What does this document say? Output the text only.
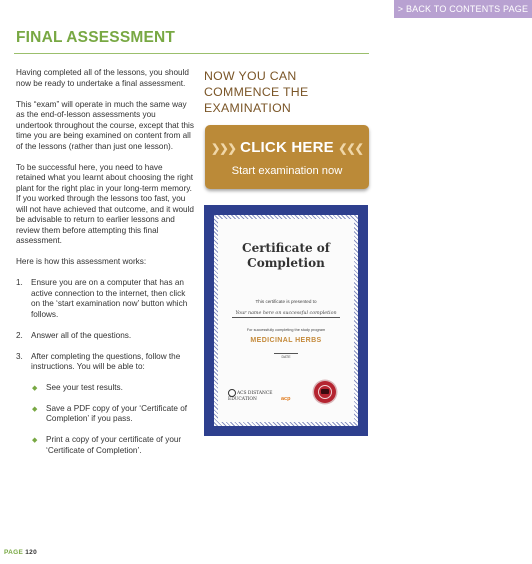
> BACK TO CONTENTS PAGE
FINAL ASSESSMENT

Having completed all of the lessons, you should now be ready to undertake a final assessment.

This “exam” will operate in much the same way as the end-of-lesson assessments you undertook throughout the course, except that this time you are being examined on content from all of the lessons (rather than just one lesson).

To be successful here, you need to have retained what you learnt about choosing the right plant for the right plac in your long-term memory. If you worked through the lessons too fast, you will not have achieved that outcome, and it would be advisable to return to earlier lessons and review them before attempting this final assessment.

Here is how this assessment works:

1. Ensure you are on a computer that has an active connection to the internet, then click on the ‘start examination now’ button which follows.
2. Answer all of the questions.
3. After completing the questions, follow the instructions. You will be able to:
◆ See your test results.
◆ Save a PDF copy of your ‘Certificate of Completion’ if you pass.
◆ Print a copy of your certificate of your ‘Certificate of Completion’.
NOW YOU CAN COMMENCE THE EXAMINATION
❯❯❯ CLICK HERE ❮❮❮
Start examination now
Certificate of
Completion
This certificate is presented to
Your name here on successful completion
For successfully completing the study program
MEDICINAL HERBS
DATE
ACS DISTANCE
EDUCATION	acp
PAGE 120
